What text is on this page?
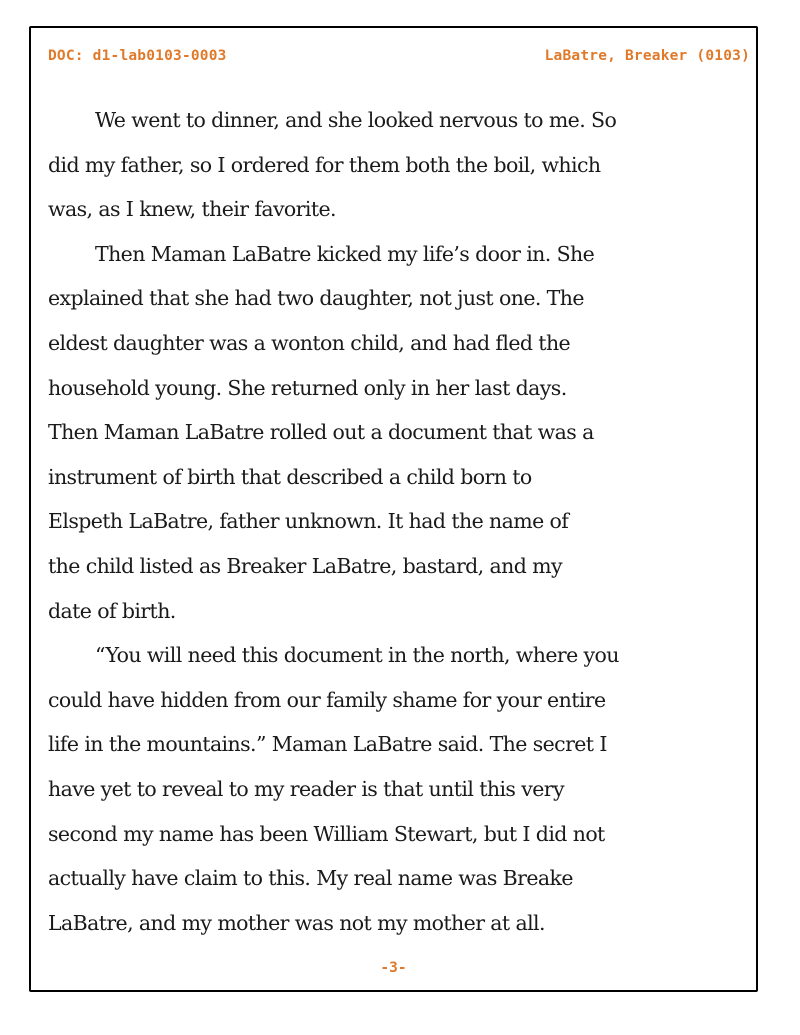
DOC: d1-lab0103-0003	LaBatre, Breaker (0103)
We went to dinner, and she looked nervous to me. So
did my father, so I ordered for them both the boil, which
was, as I knew, their favorite.
Then Maman LaBatre kicked my life’s door in. She
explained that she had two daughter, not just one. The
eldest daughter was a wonton child, and had fled the
household young. She returned only in her last days.
Then Maman LaBatre rolled out a document that was a
instrument of birth that described a child born to
Elspeth LaBatre, father unknown. It had the name of
the child listed as Breaker LaBatre, bastard, and my
date of birth.
“You will need this document in the north, where you
could have hidden from our family shame for your entire
life in the mountains.” Maman LaBatre said. The secret I
have yet to reveal to my reader is that until this very
second my name has been William Stewart, but I did not
actually have claim to this. My real name was Breake
LaBatre, and my mother was not my mother at all.
-3-
